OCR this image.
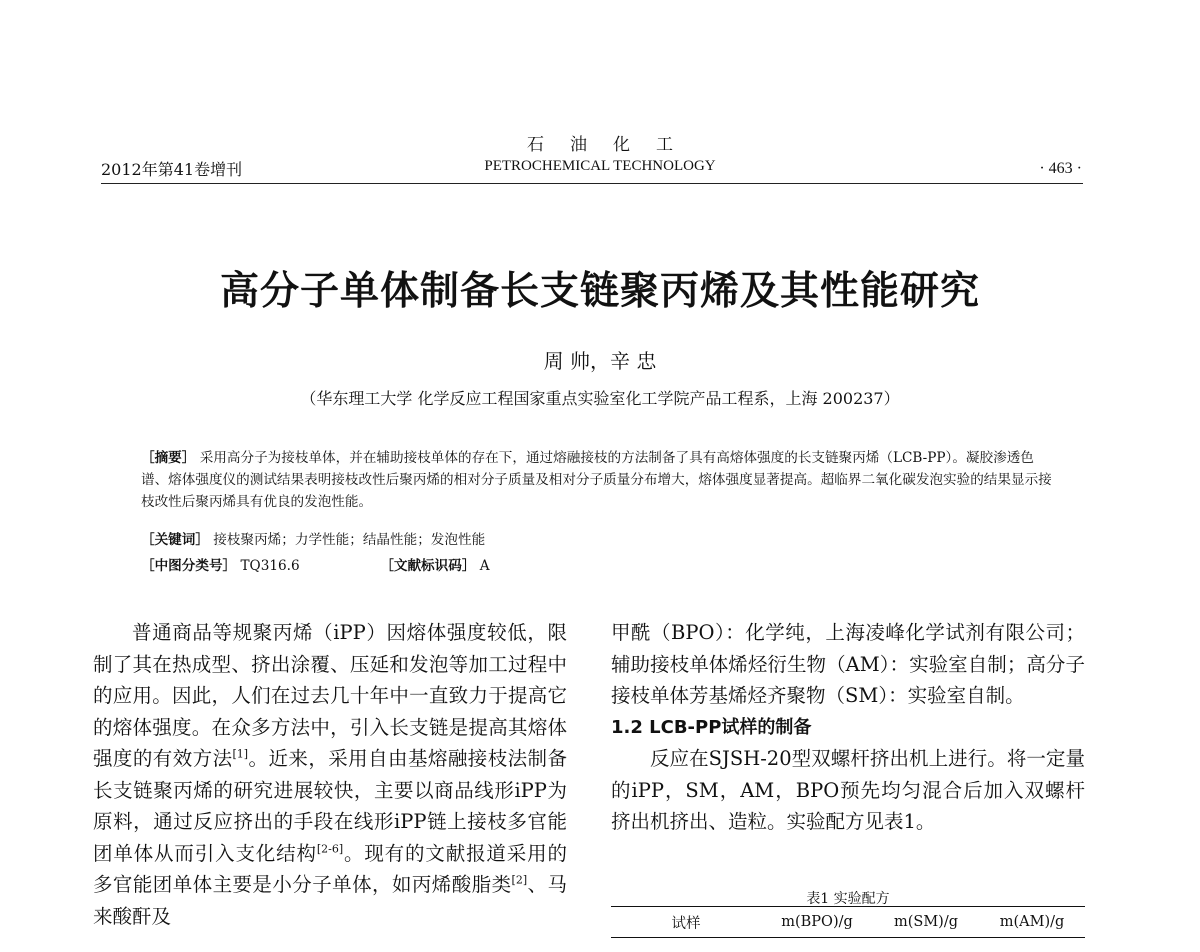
2012年第41卷增刊
石油化工
PETROCHEMICAL TECHNOLOGY	· 463 ·
高分子单体制备长支链聚丙烯及其性能研究
周 帅，辛 忠
（华东理工大学 化学反应工程国家重点实验室化工学院产品工程系，上海 200237）
［摘要］ 采用高分子为接枝单体，并在辅助接枝单体的存在下，通过熔融接枝的方法制备了具有高熔体强度的长支链聚丙烯（LCB-PP）。凝胶渗透色谱、熔体强度仪的测试结果表明接枝改性后聚丙烯的相对分子质量及相对分子质量分布增大，熔体强度显著提高。超临界二氧化碳发泡实验的结果显示接枝改性后聚丙烯具有优良的发泡性能。
［关键词］ 接枝聚丙烯；力学性能；结晶性能；发泡性能
［中图分类号］ TQ316.6	［文献标识码］ A

普通商品等规聚丙烯（iPP）因熔体强度较低，限制了其在热成型、挤出涂覆、压延和发泡等加工过程中的应用。因此，人们在过去几十年中一直致力于提高它的熔体强度。在众多方法中，引入长支链是提高其熔体强度的有效方法[1]。近来，采用自由基熔融接枝法制备长支链聚丙烯的研究进展较快，主要以商品线形iPP为原料，通过反应挤出的手段在线形iPP链上接枝多官能团单体从而引入支化结构[2-6]。现有的文献报道采用的多官能团单体主要是小分子单体，如丙烯酸脂类[2]、马来酸酐及

甲酰（BPO）：化学纯，上海凌峰化学试剂有限公司；辅助接枝单体烯烃衍生物（AM）：实验室自制；高分子接枝单体芳基烯烃齐聚物（SM）：实验室自制。

1.2 LCB-PP试样的制备

反应在SJSH-20型双螺杆挤出机上进行。将一定量的iPP，SM，AM，BPO预先均匀混合后加入双螺杆挤出机挤出、造粒。实验配方见表1。

表1 实验配方
试样	m(BPO)/g	m(SM)/g	m(AM)/g
